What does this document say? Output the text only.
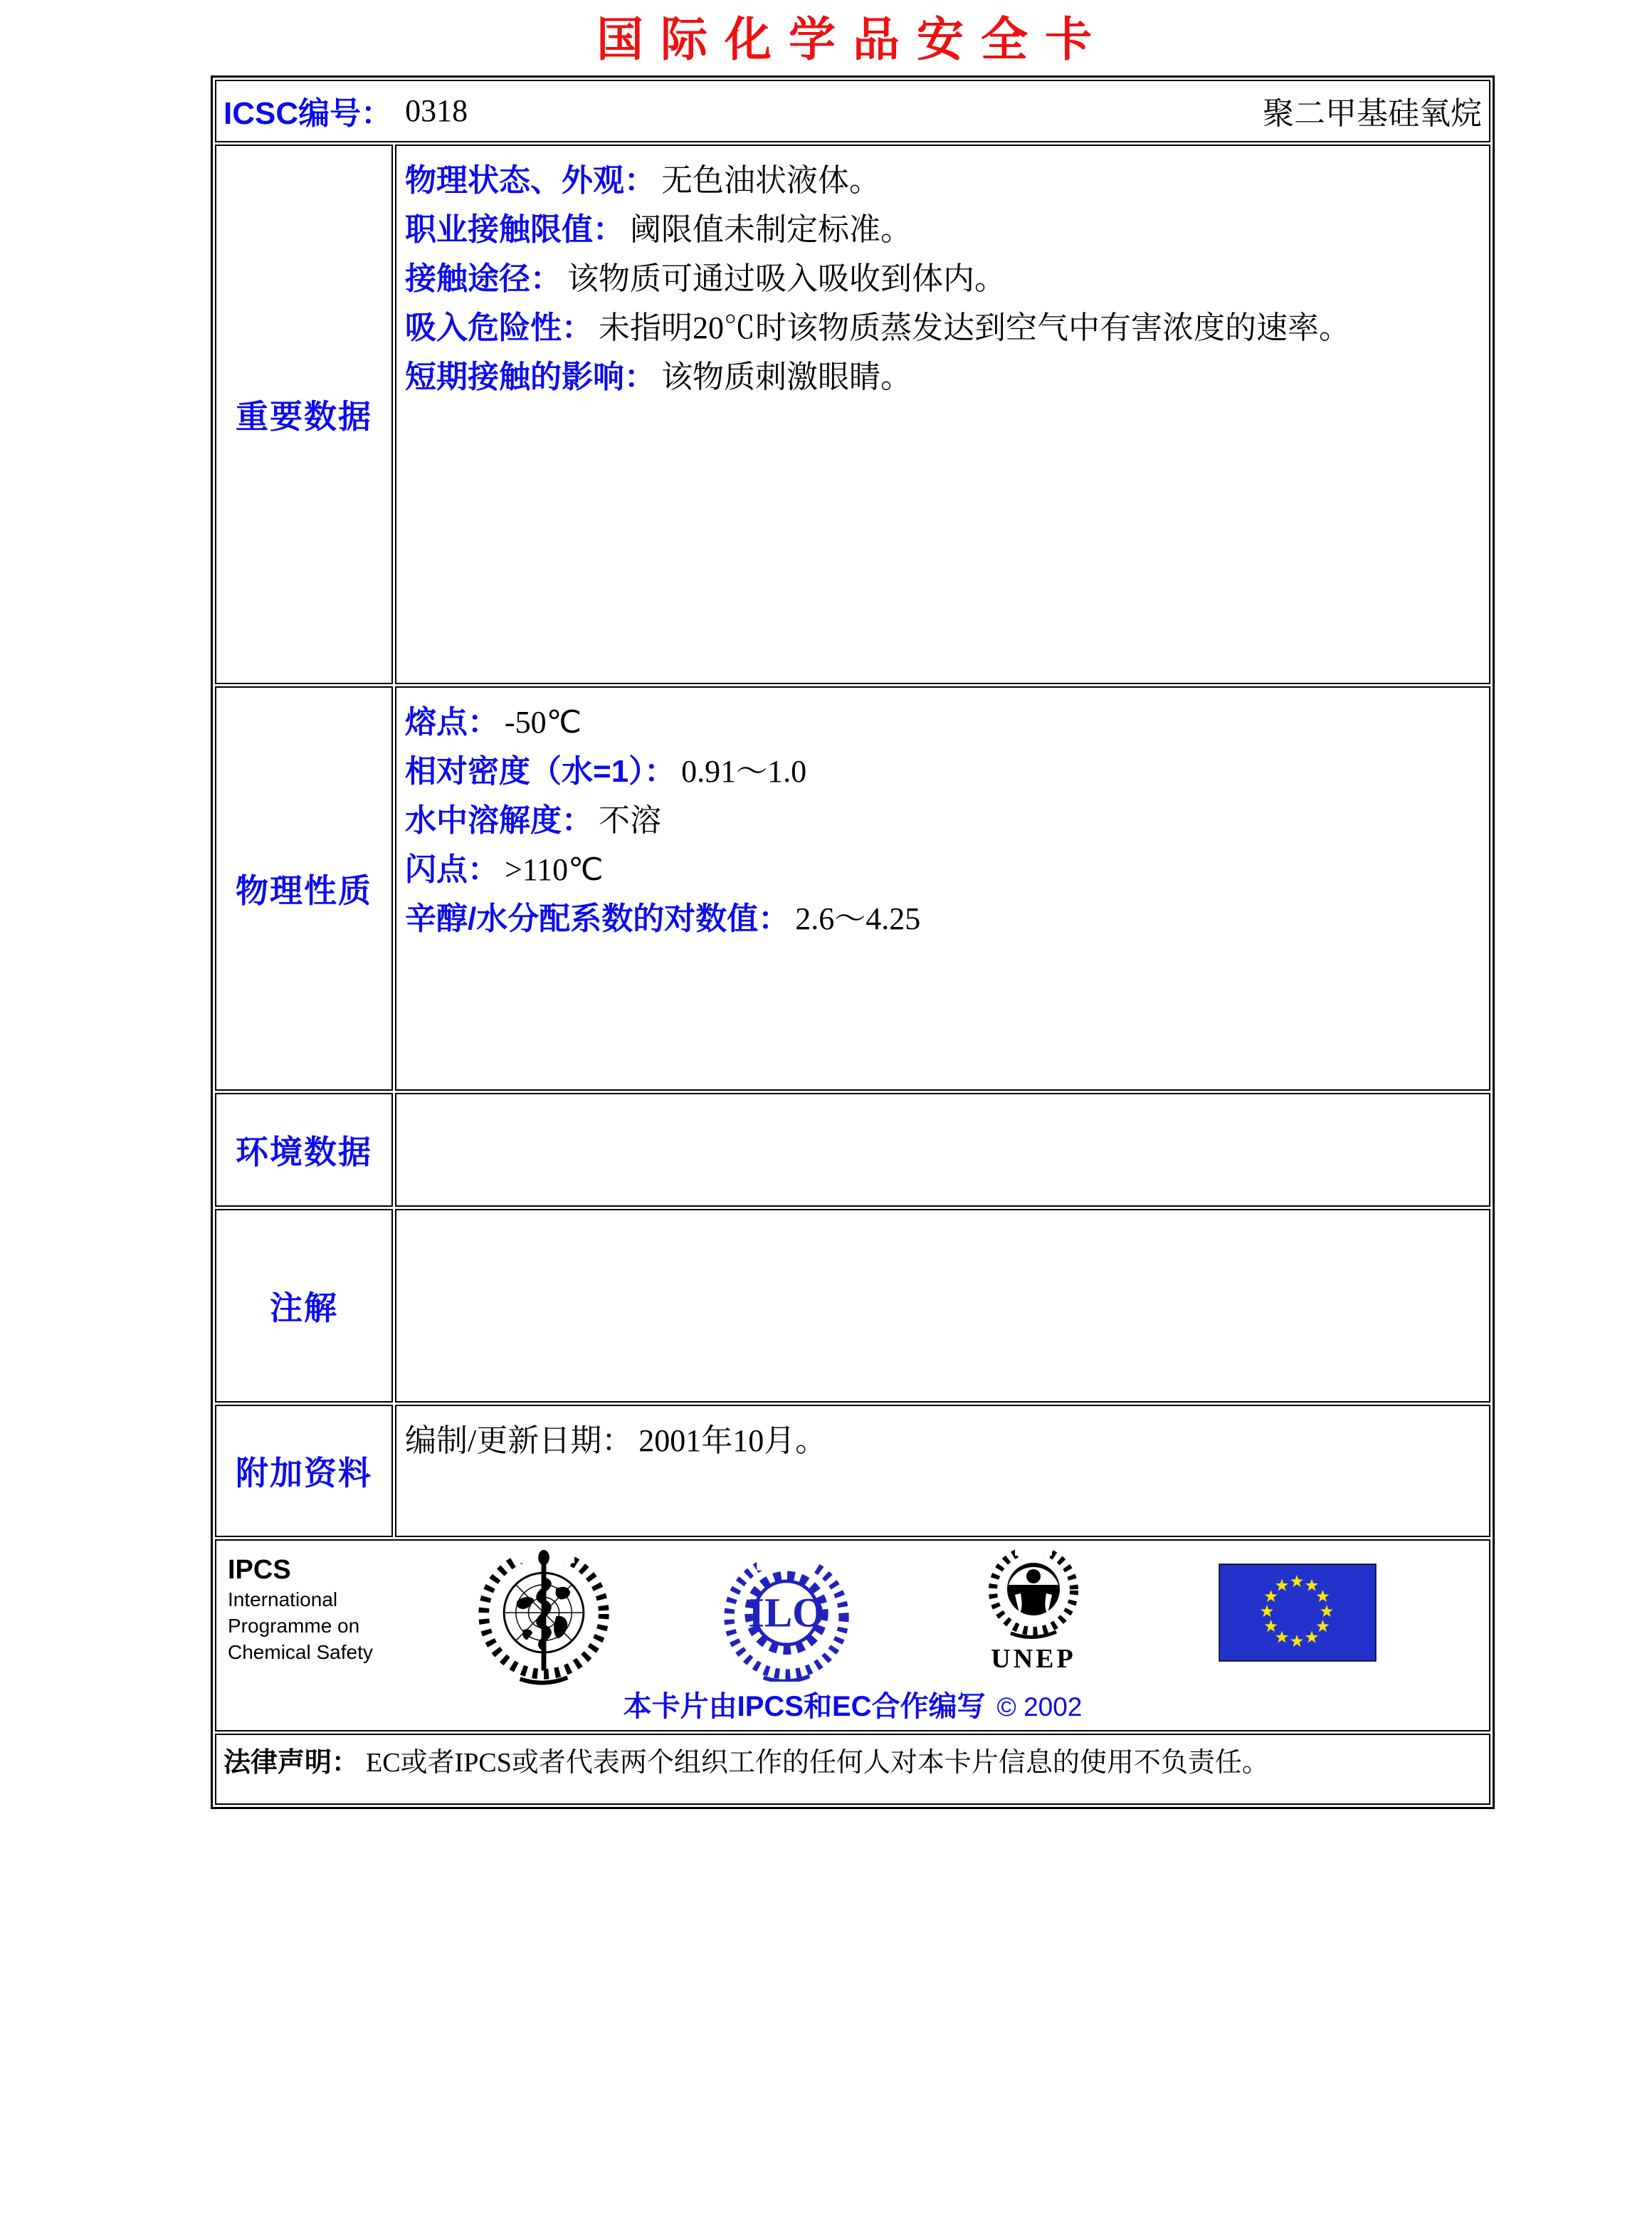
国际化学品安全卡
ICSC编号： 0318 聚二甲基硅氧烷	

重要数据	物理状态、外观： 无色油状液体。
职业接触限值： 阈限值未制定标准。
接触途径： 该物质可通过吸入吸收到体内。
吸入危险性： 未指明20℃时该物质蒸发达到空气中有害浓度的速率。
短期接触的影响： 该物质刺激眼睛。

物理性质	熔点： -50℃
相对密度（水=1）： 0.91～1.0
水中溶解度： 不溶
闪点： >110℃
辛醇/水分配系数的对数值： 2.6～4.25

环境数据	
注解	
附加资料	编制/更新日期： 2001年10月。

IPCS
International
Programme on
Chemical Safety
ILO
UNEP
本卡片由IPCS和EC合作编写 © 2002

法律声明： EC或者IPCS或者代表两个组织工作的任何人对本卡片信息的使用不负责任。	
